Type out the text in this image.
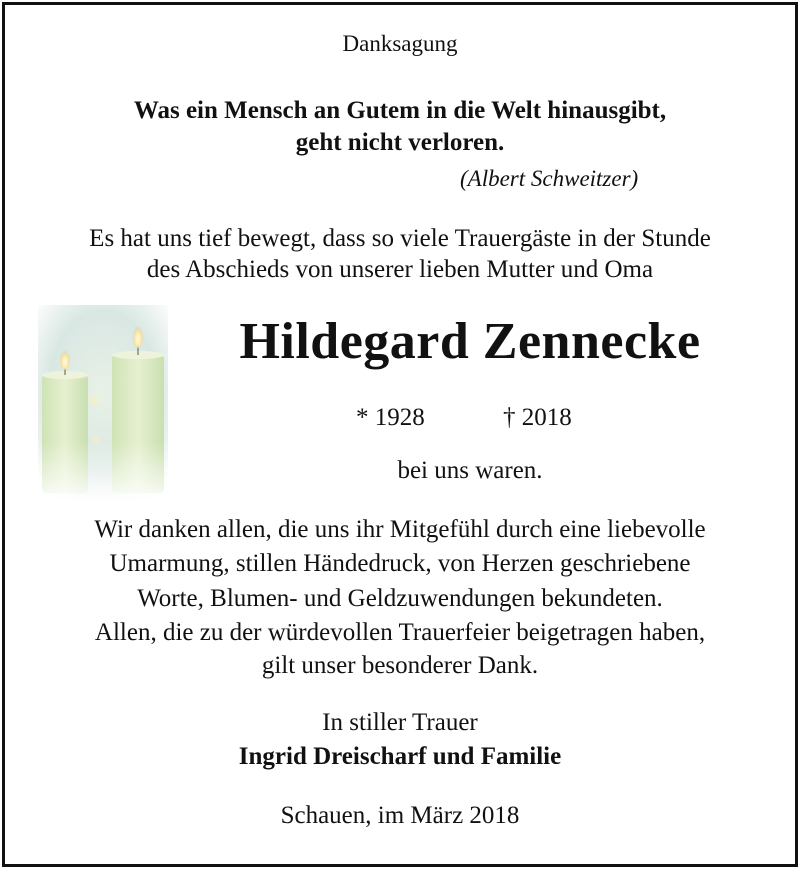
Danksagung
Was ein Mensch an Gutem in die Welt hinausgibt,
geht nicht verloren.
(Albert Schweitzer)
Es hat uns tief bewegt, dass so viele Trauergäste in der Stunde
des Abschieds von unserer lieben Mutter und Oma
Hildegard Zennecke
* 1928	† 2018
bei uns waren.
Wir danken allen, die uns ihr Mitgefühl durch eine liebevolle
Umarmung, stillen Händedruck, von Herzen geschriebene
Worte, Blumen- und Geldzuwendungen bekundeten.
Allen, die zu der würdevollen Trauerfeier beigetragen haben,
gilt unser besonderer Dank.
In stiller Trauer
Ingrid Dreischarf und Familie
Schauen, im März 2018
